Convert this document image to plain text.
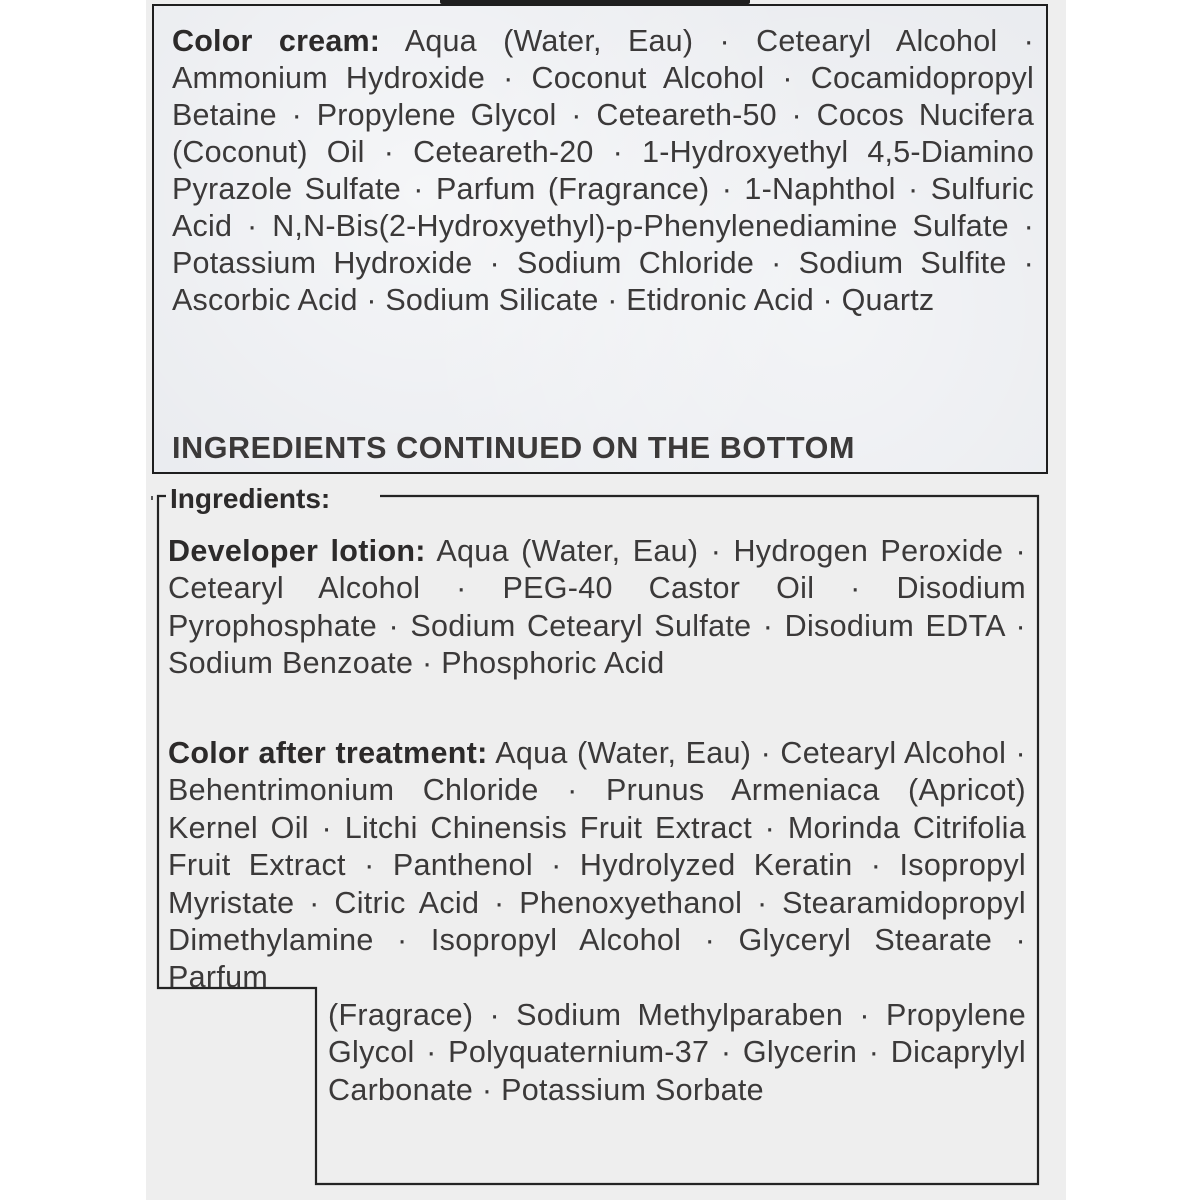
Color cream: Aqua (Water, Eau) · Cetearyl Alcohol · Ammonium Hydroxide · Coconut Alcohol · Cocamidopropyl Betaine · Propylene Glycol · Ceteareth-50 · Cocos Nucifera (Coconut) Oil · Ceteareth-20 · 1-Hydroxyethyl 4,5-Diamino Pyrazole Sulfate · Parfum (Fragrance) · 1-Naphthol · Sulfuric Acid · N,N-Bis(2-Hydroxyethyl)-p-Phenylenediamine Sulfate · Potassium Hydroxide · Sodium Chloride · Sodium Sulfite · Ascorbic Acid · Sodium Silicate · Etidronic Acid · Quartz
INGREDIENTS CONTINUED ON THE BOTTOM
Ingredients:
Developer lotion: Aqua (Water, Eau) · Hydrogen Peroxide · Cetearyl Alcohol · PEG-40 Castor Oil · Disodium Pyrophosphate · Sodium Cetearyl Sulfate · Disodium EDTA · Sodium Benzoate · Phosphoric Acid
Color after treatment: Aqua (Water, Eau) · Cetearyl Alcohol · Behentrimonium Chloride · Prunus Armeniaca (Apricot) Kernel Oil · Litchi Chinensis Fruit Extract · Morinda Citrifolia Fruit Extract · Panthenol · Hydrolyzed Keratin · Isopropyl Myristate · Citric Acid · Phenoxyethanol · Stearamidopropyl Dimethylamine · Isopropyl Alcohol · Glyceryl Stearate · Parfum
(Fragrace) · Sodium Methylparaben · Propylene Glycol · Polyquaternium-37 · Glycerin · Dicaprylyl Carbonate · Potassium Sorbate
